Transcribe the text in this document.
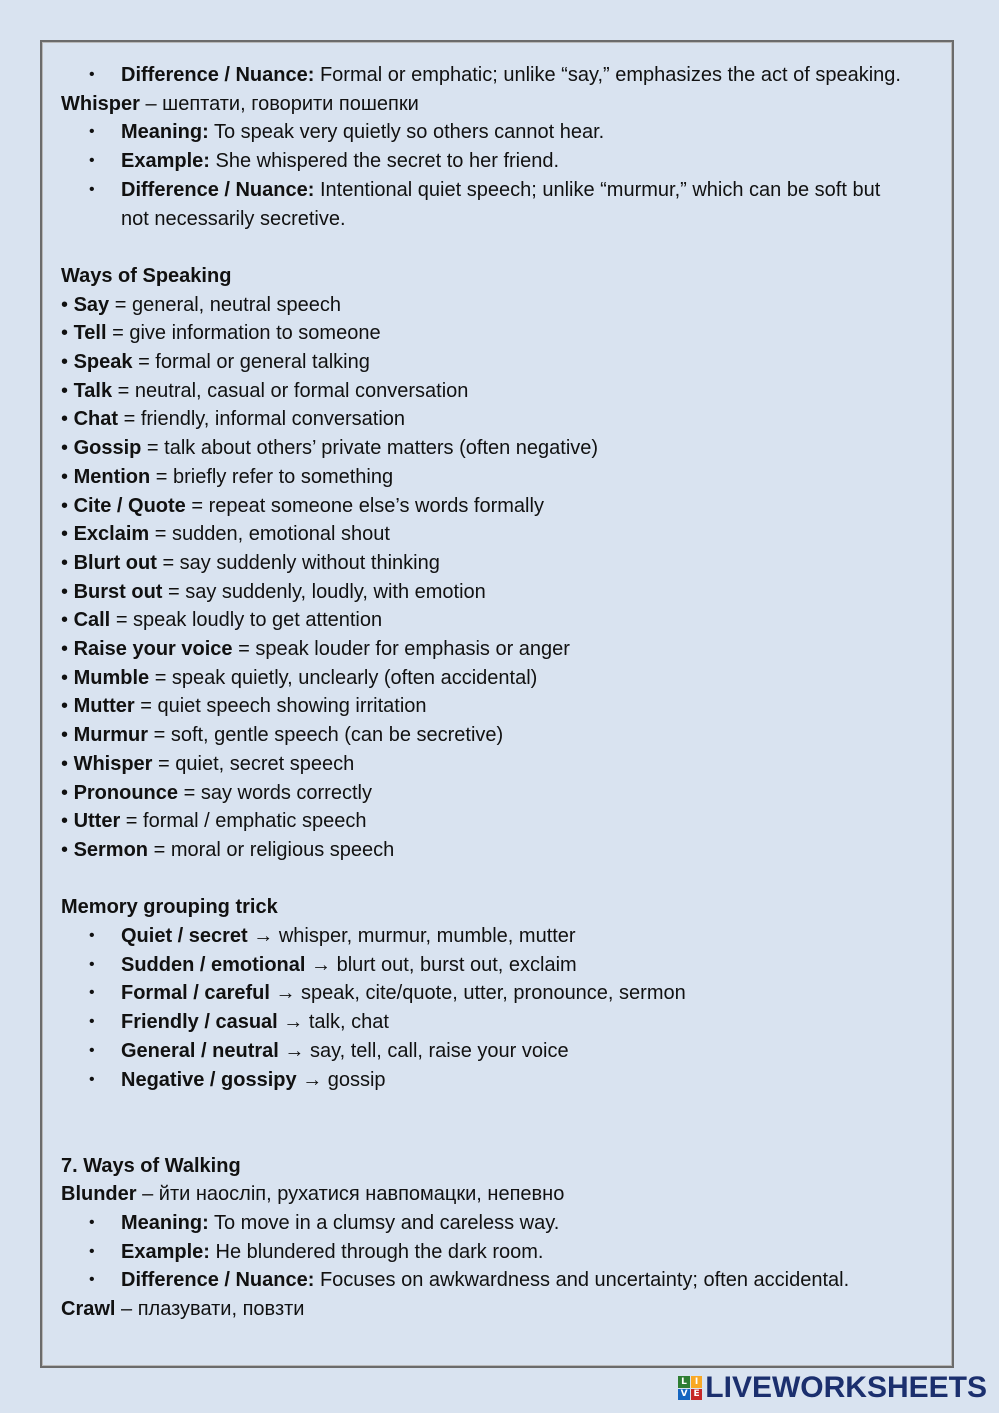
• Difference / Nuance: Formal or emphatic; unlike “say,” emphasizes the act of speaking.

Whisper – шептати, говорити пошепки

• Meaning: To speak very quietly so others cannot hear.
• Example: She whispered the secret to her friend.
• Difference / Nuance: Intentional quiet speech; unlike “murmur,” which can be soft but not necessarily secretive.

Ways of Speaking

• Say = general, neutral speech

• Tell = give information to someone

• Speak = formal or general talking

• Talk = neutral, casual or formal conversation

• Chat = friendly, informal conversation

• Gossip = talk about others’ private matters (often negative)

• Mention = briefly refer to something

• Cite / Quote = repeat someone else’s words formally

• Exclaim = sudden, emotional shout

• Blurt out = say suddenly without thinking

• Burst out = say suddenly, loudly, with emotion

• Call = speak loudly to get attention

• Raise your voice = speak louder for emphasis or anger

• Mumble = speak quietly, unclearly (often accidental)

• Mutter = quiet speech showing irritation

• Murmur = soft, gentle speech (can be secretive)

• Whisper = quiet, secret speech

• Pronounce = say words correctly

• Utter = formal / emphatic speech

• Sermon = moral or religious speech

Memory grouping trick

• Quiet / secret → whisper, murmur, mumble, mutter
• Sudden / emotional → blurt out, burst out, exclaim
• Formal / careful → speak, cite/quote, utter, pronounce, sermon
• Friendly / casual → talk, chat
• General / neutral → say, tell, call, raise your voice
• Negative / gossipy → gossip

7. Ways of Walking

Blunder – йти наосліп, рухатися навпомацки, непевно

• Meaning: To move in a clumsy and careless way.
• Example: He blundered through the dark room.
• Difference / Nuance: Focuses on awkwardness and uncertainty; often accidental.

Crawl – плазувати, повзти

L I
V E LIVEWORKSHEETS
